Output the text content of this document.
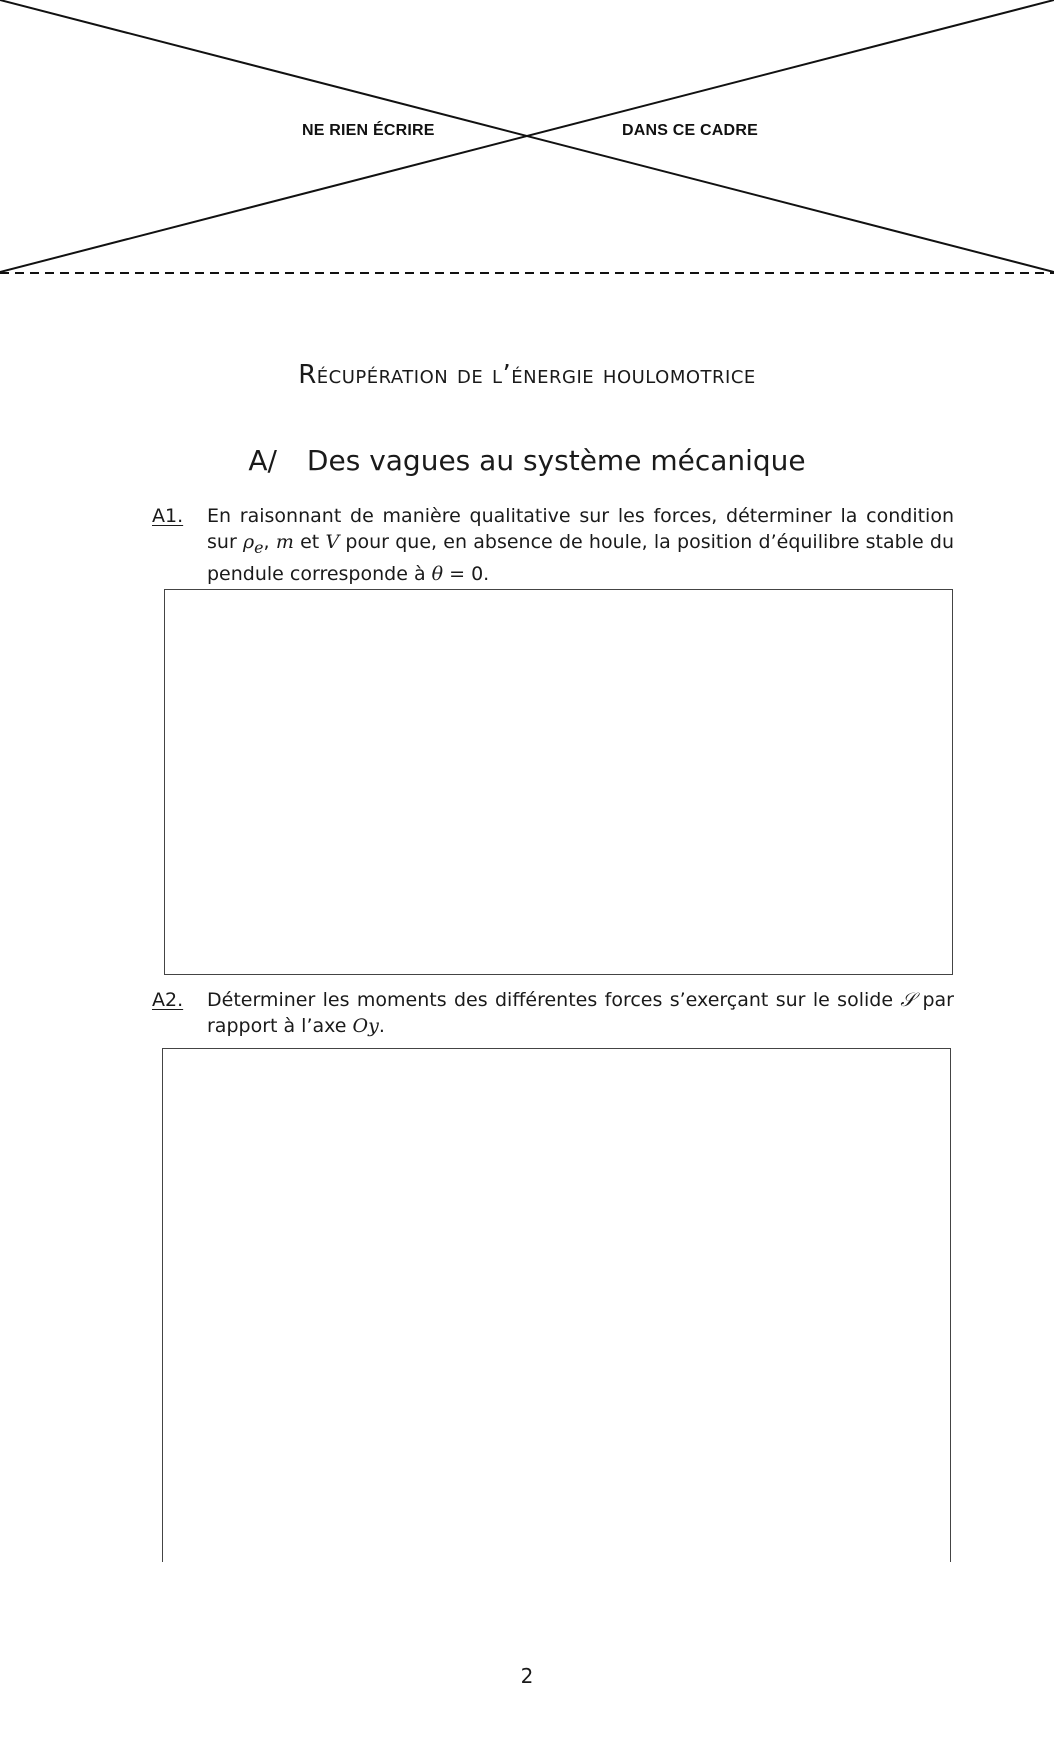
NE RIEN ÉCRIRE	DANS CE CADRE
Récupération de l’énergie houlomotrice
A/ Des vagues au système mécanique
A1. En raisonnant de manière qualitative sur les forces, déterminer la condition sur $\rho_e$, m et V pour que, en absence de houle, la position d’équilibre stable du pendule corresponde à θ = 0.
A2. Déterminer les moments des différentes forces s’exerçant sur le solide 𝒮 par rapport à l’axe Oy.
2
